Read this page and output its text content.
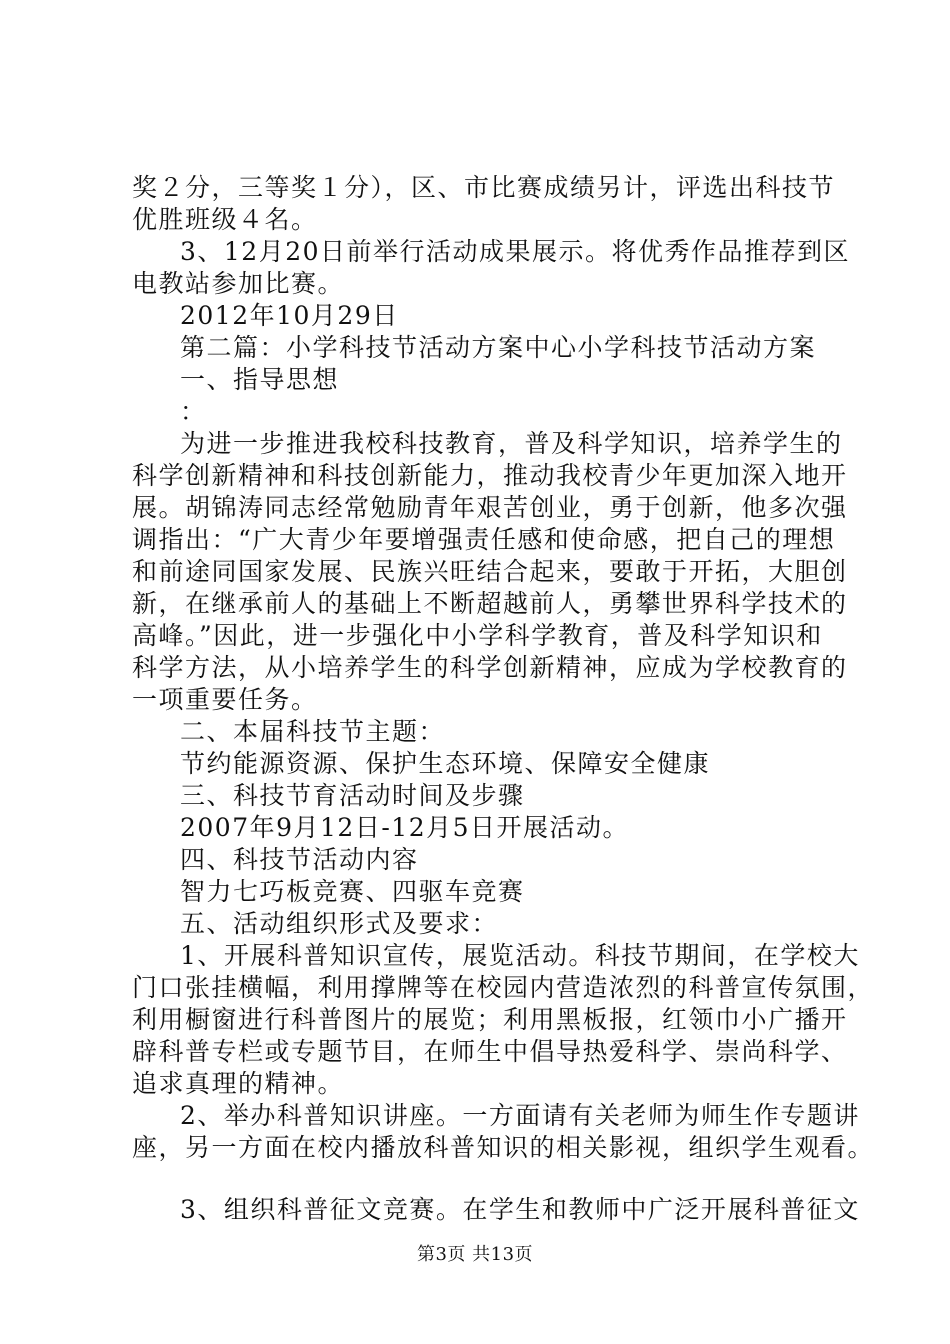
奖２分，三等奖１分），区、市比赛成绩另计，评选出科技节
优胜班级４名。
3、12月20日前举行活动成果展示。将优秀作品推荐到区
电教站参加比赛。
2012年10月29日
第二篇：小学科技节活动方案中心小学科技节活动方案
一、指导思想
：
为进一步推进我校科技教育，普及科学知识，培养学生的
科学创新精神和科技创新能力，推动我校青少年更加深入地开
展。胡锦涛同志经常勉励青年艰苦创业，勇于创新，他多次强
调指出：“广大青少年要增强责任感和使命感，把自己的理想
和前途同国家发展、民族兴旺结合起来，要敢于开拓，大胆创
新，在继承前人的基础上不断超越前人，勇攀世界科学技术的
高峰。”因此，进一步强化中小学科学教育，普及科学知识和
科学方法，从小培养学生的科学创新精神，应成为学校教育的
一项重要任务。
二、本届科技节主题：
节约能源资源、保护生态环境、保障安全健康
三、科技节育活动时间及步骤
2007年9月12日-12月5日开展活动。
四、科技节活动内容
智力七巧板竞赛、四驱车竞赛
五、活动组织形式及要求：
1、开展科普知识宣传，展览活动。科技节期间，在学校大
门口张挂横幅，利用撑牌等在校园内营造浓烈的科普宣传氛围，
利用橱窗进行科普图片的展览；利用黑板报，红领巾小广播开
辟科普专栏或专题节目，在师生中倡导热爱科学、崇尚科学、
追求真理的精神。
2、举办科普知识讲座。一方面请有关老师为师生作专题讲
座，另一方面在校内播放科普知识的相关影视，组织学生观看。
3、组织科普征文竞赛。在学生和教师中广泛开展科普征文
第3页 共13页
